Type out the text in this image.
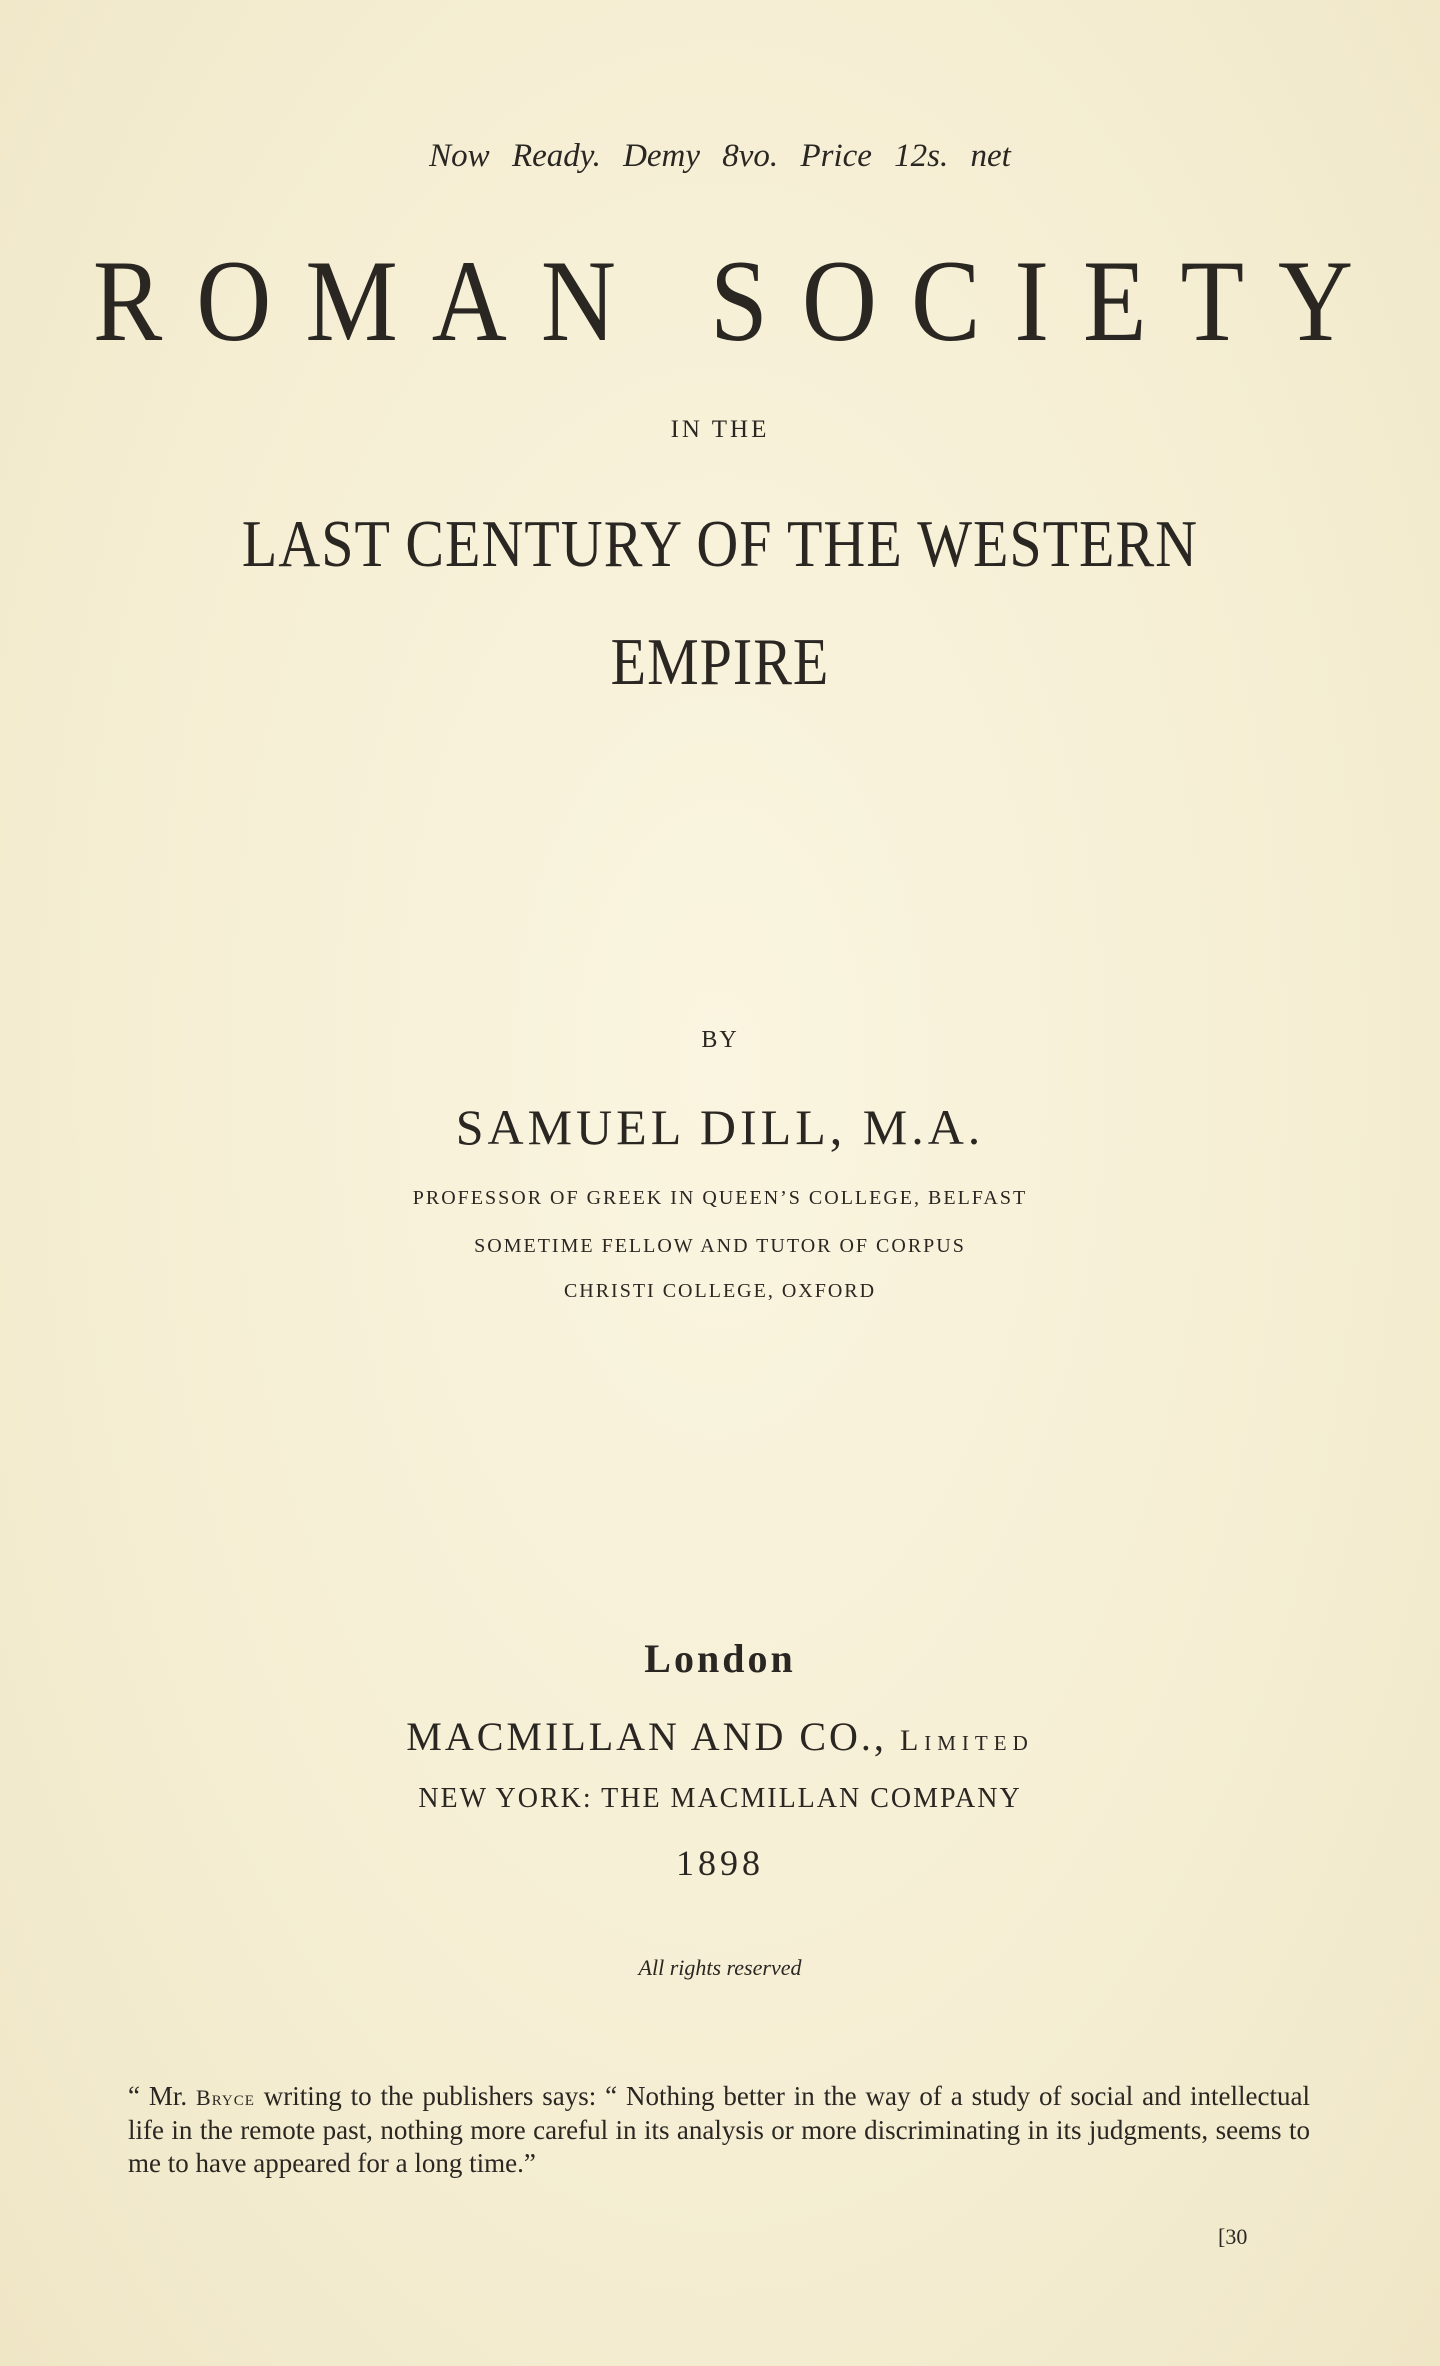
Now Ready. Demy 8vo. Price 12s. net
ROMAN SOCIETY
IN THE
LAST CENTURY OF THE WESTERN
EMPIRE
BY
SAMUEL DILL, M.A.
PROFESSOR OF GREEK IN QUEEN’S COLLEGE, BELFAST
SOMETIME FELLOW AND TUTOR OF CORPUS
CHRISTI COLLEGE, OXFORD
London
MACMILLAN AND CO., Limited
NEW YORK: THE MACMILLAN COMPANY
1898
All rights reserved
“ Mr. Bryce writing to the publishers says: “ Nothing better in the way of a study of social and intellectual life in the remote past, nothing more careful in its analysis or more discriminating in its judgments, seems to me to have appeared for a long time.”
[30
